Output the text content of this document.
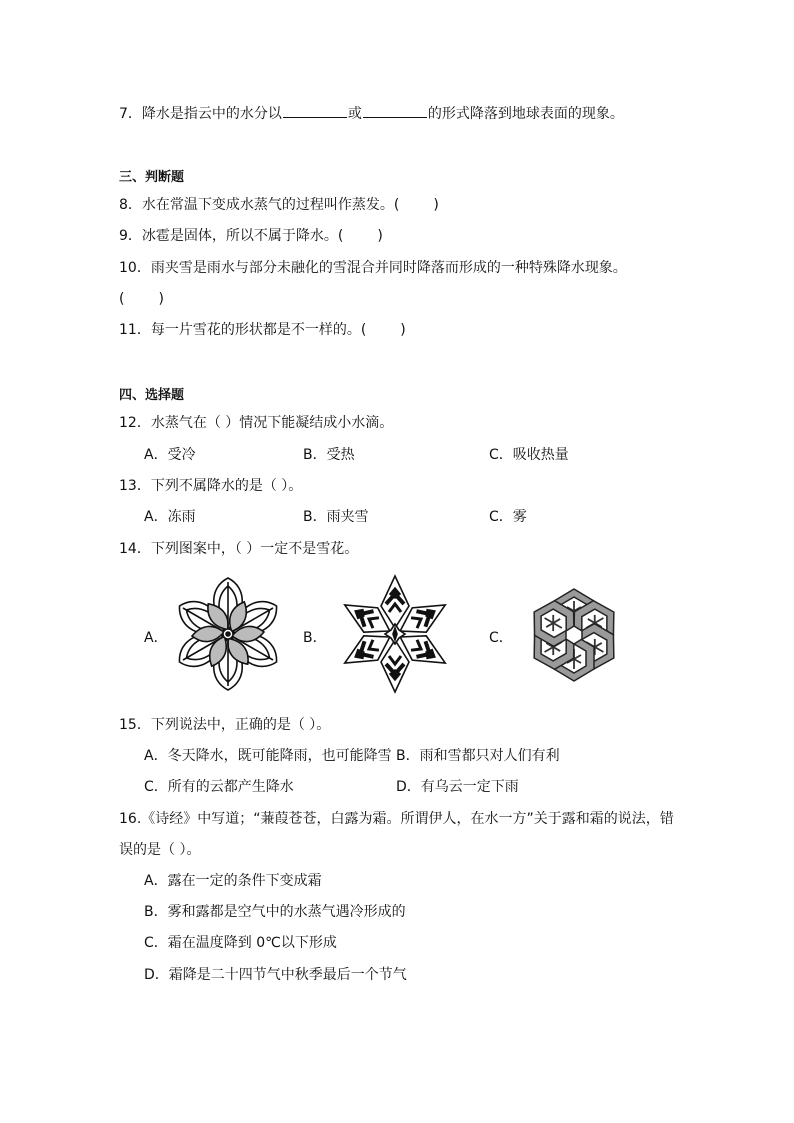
7．降水是指云中的水分以	或	的形式降落到地球表面的现象。
三、判断题
8．水在常温下变成水蒸气的过程叫作蒸发。( )
9．冰雹是固体，所以不属于降水。( )
10．雨夹雪是雨水与部分未融化的雪混合并同时降落而形成的一种特殊降水现象。
( )
11．每一片雪花的形状都是不一样的。( )
四、选择题
12．水蒸气在（ ）情况下能凝结成小水滴。
A．受冷	B．受热	C．吸收热量
13．下列不属降水的是（ ）。
A．冻雨	B．雨夹雪	C．雾
14．下列图案中，（ ）一定不是雪花。
A．	B．	C．
15．下列说法中，正确的是（ ）。
A．冬天降水，既可能降雨，也可能降雪 B．雨和雪都只对人们有利
C．所有的云都产生降水	D．有乌云一定下雨
16.《诗经》中写道；“蒹葭苍苍，白露为霜。所谓伊人，在水一方”关于露和霜的说法，错
误的是（ ）。
A．露在一定的条件下变成霜
B．雾和露都是空气中的水蒸气遇冷形成的
C．霜在温度降到 0℃以下形成
D．霜降是二十四节气中秋季最后一个节气
